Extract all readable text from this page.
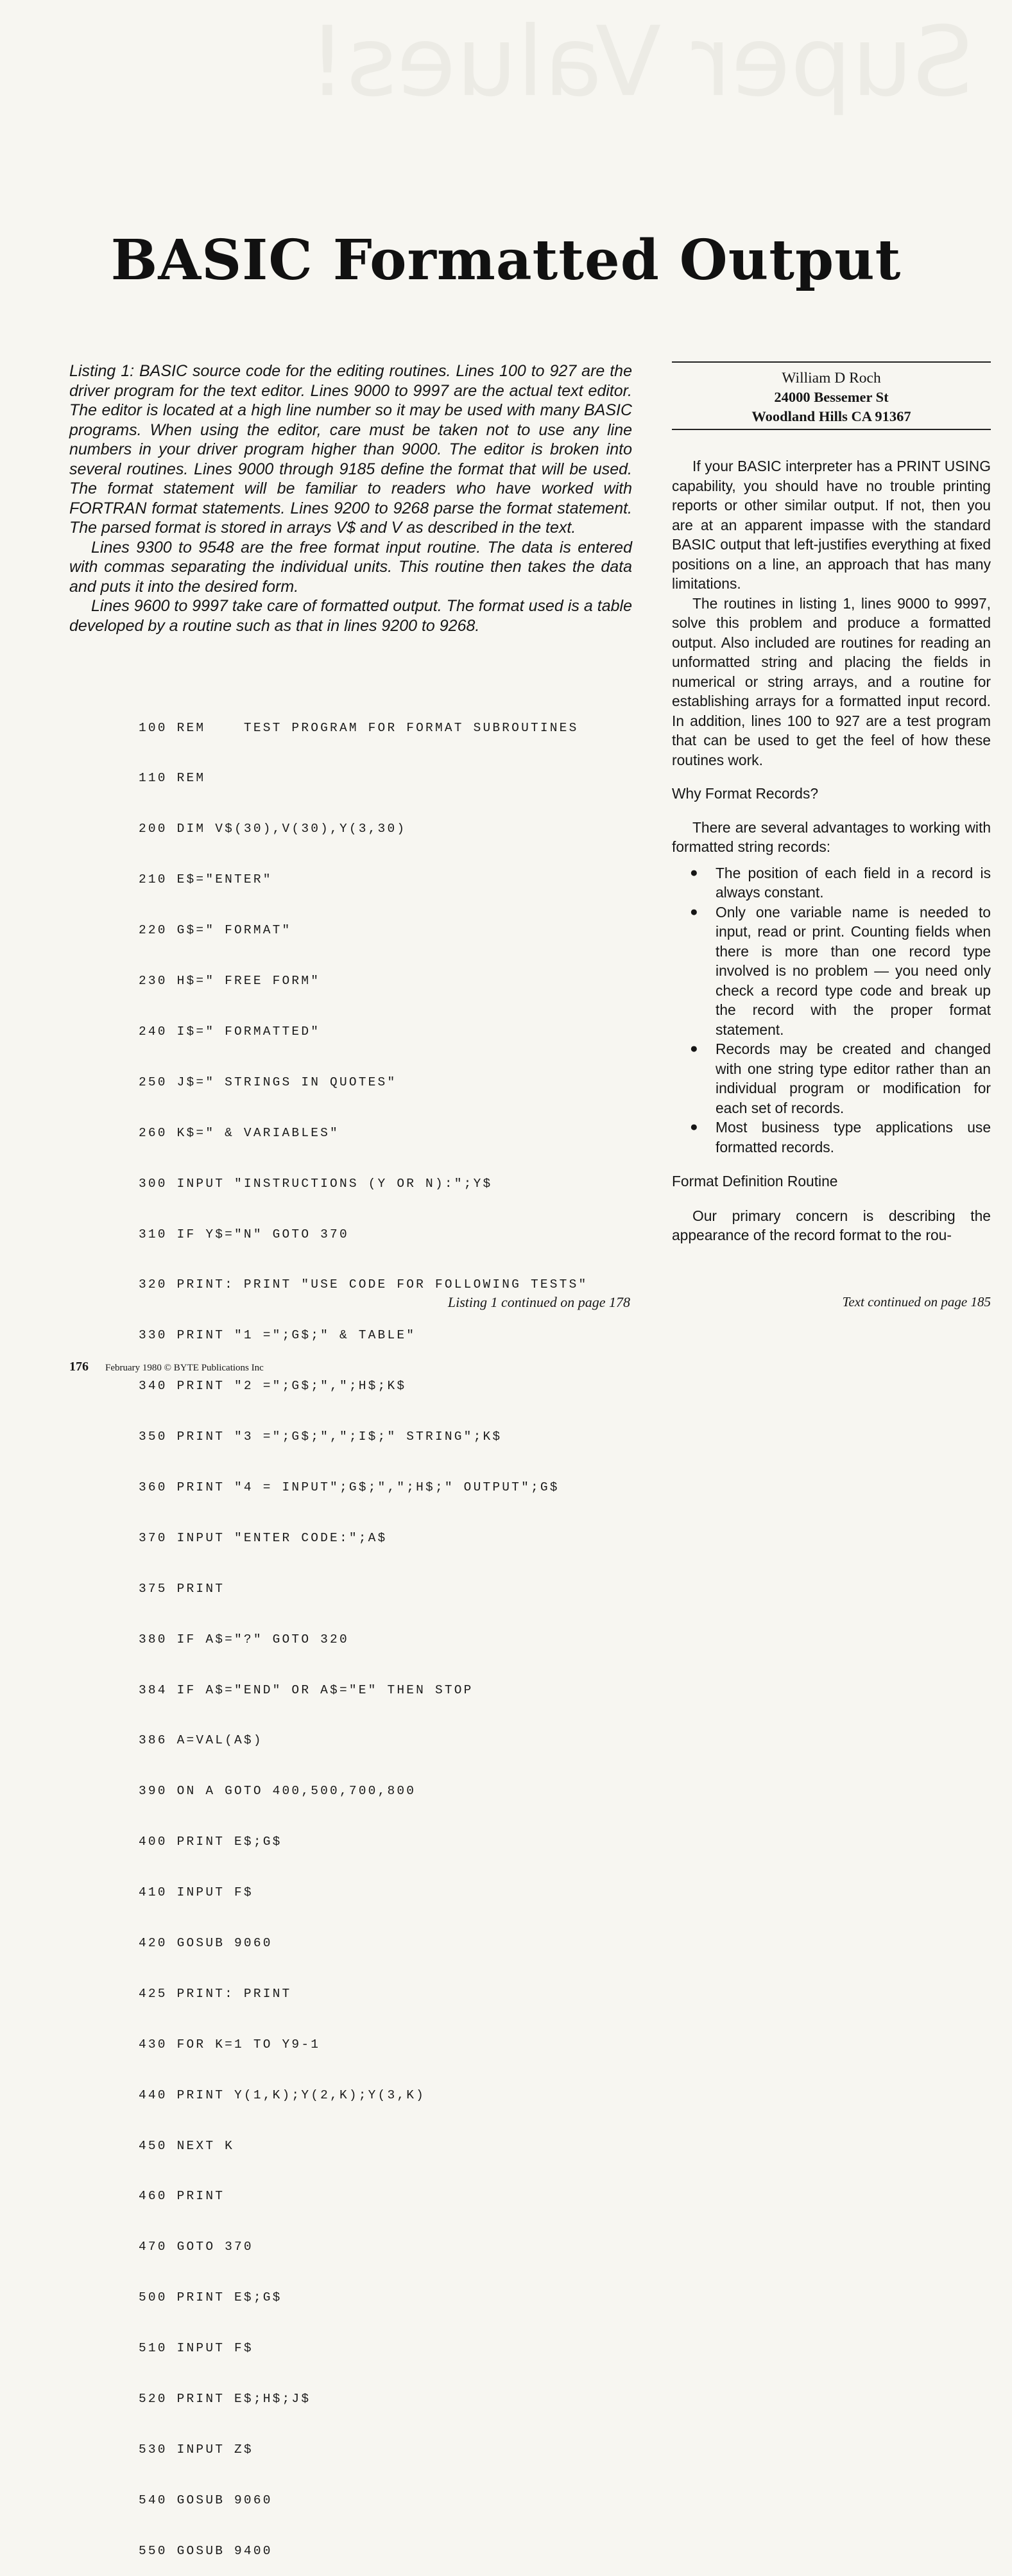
Super Values!
BASIC Formatted Output

Listing 1: BASIC source code for the editing routines. Lines 100 to 927 are the driver program for the text editor. Lines 9000 to 9997 are the actual text editor. The editor is located at a high line number so it may be used with many BASIC programs. When using the editor, care must be taken not to use any line numbers in your driver program higher than 9000. The editor is broken into several routines. Lines 9000 through 9185 define the format that will be used. The format statement will be familiar to readers who have worked with FORTRAN format statements. Lines 9200 to 9268 parse the format statement. The parsed format is stored in arrays V$ and V as described in the text.

Lines 9300 to 9548 are the free format input routine. The data is entered with commas separating the individual units. This routine then takes the data and puts it into the desired form.

Lines 9600 to 9997 take care of formatted output. The format used is a table developed by a routine such as that in lines 9200 to 9268.

100 REM    TEST PROGRAM FOR FORMAT SUBROUTINES

110 REM

200 DIM V$(30),V(30),Y(3,30)

210 E$="ENTER"

220 G$=" FORMAT"

230 H$=" FREE FORM"

240 I$=" FORMATTED"

250 J$=" STRINGS IN QUOTES"

260 K$=" & VARIABLES"

300 INPUT "INSTRUCTIONS (Y OR N):";Y$

310 IF Y$="N" GOTO 370

320 PRINT: PRINT "USE CODE FOR FOLLOWING TESTS"

330 PRINT "1 =";G$;" & TABLE"

340 PRINT "2 =";G$;",";H$;K$

350 PRINT "3 =";G$;",";I$;" STRING";K$

360 PRINT "4 = INPUT";G$;",";H$;" OUTPUT";G$

370 INPUT "ENTER CODE:";A$

375 PRINT

380 IF A$="?" GOTO 320

384 IF A$="END" OR A$="E" THEN STOP

386 A=VAL(A$)

390 ON A GOTO 400,500,700,800

400 PRINT E$;G$

410 INPUT F$

420 GOSUB 9060

425 PRINT: PRINT

430 FOR K=1 TO Y9-1

440 PRINT Y(1,K);Y(2,K);Y(3,K)

450 NEXT K

460 PRINT

470 GOTO 370

500 PRINT E$;G$

510 INPUT F$

520 PRINT E$;H$;J$

530 INPUT Z$

540 GOSUB 9060

550 GOSUB 9400

Listing 1 continued on page 178
176 February 1980 © BYTE Publications Inc
William D Roch
24000 Bessemer St
Woodland Hills CA 91367

If your BASIC interpreter has a PRINT USING capability, you should have no trouble printing reports or other similar output. If not, then you are at an apparent impasse with the standard BASIC output that left-justifies everything at fixed positions on a line, an approach that has many limitations.

The routines in listing 1, lines 9000 to 9997, solve this problem and produce a formatted output. Also included are routines for reading an unformatted string and placing the fields in numerical or string arrays, and a routine for establishing arrays for a formatted input record. In addition, lines 100 to 927 are a test program that can be used to get the feel of how these routines work.

Why Format Records?

There are several advantages to working with formatted string records:

● The position of each field in a record is always constant.
● Only one variable name is needed to input, read or print. Counting fields when there is more than one record type involved is no problem — you need only check a record type code and break up the record with the proper format statement.
● Records may be created and changed with one string type editor rather than an individual program or modification for each set of records.
● Most business type applications use formatted records.
Format Definition Routine

Our primary concern is describing the appearance of the record format to the rou-

Text continued on page 185
